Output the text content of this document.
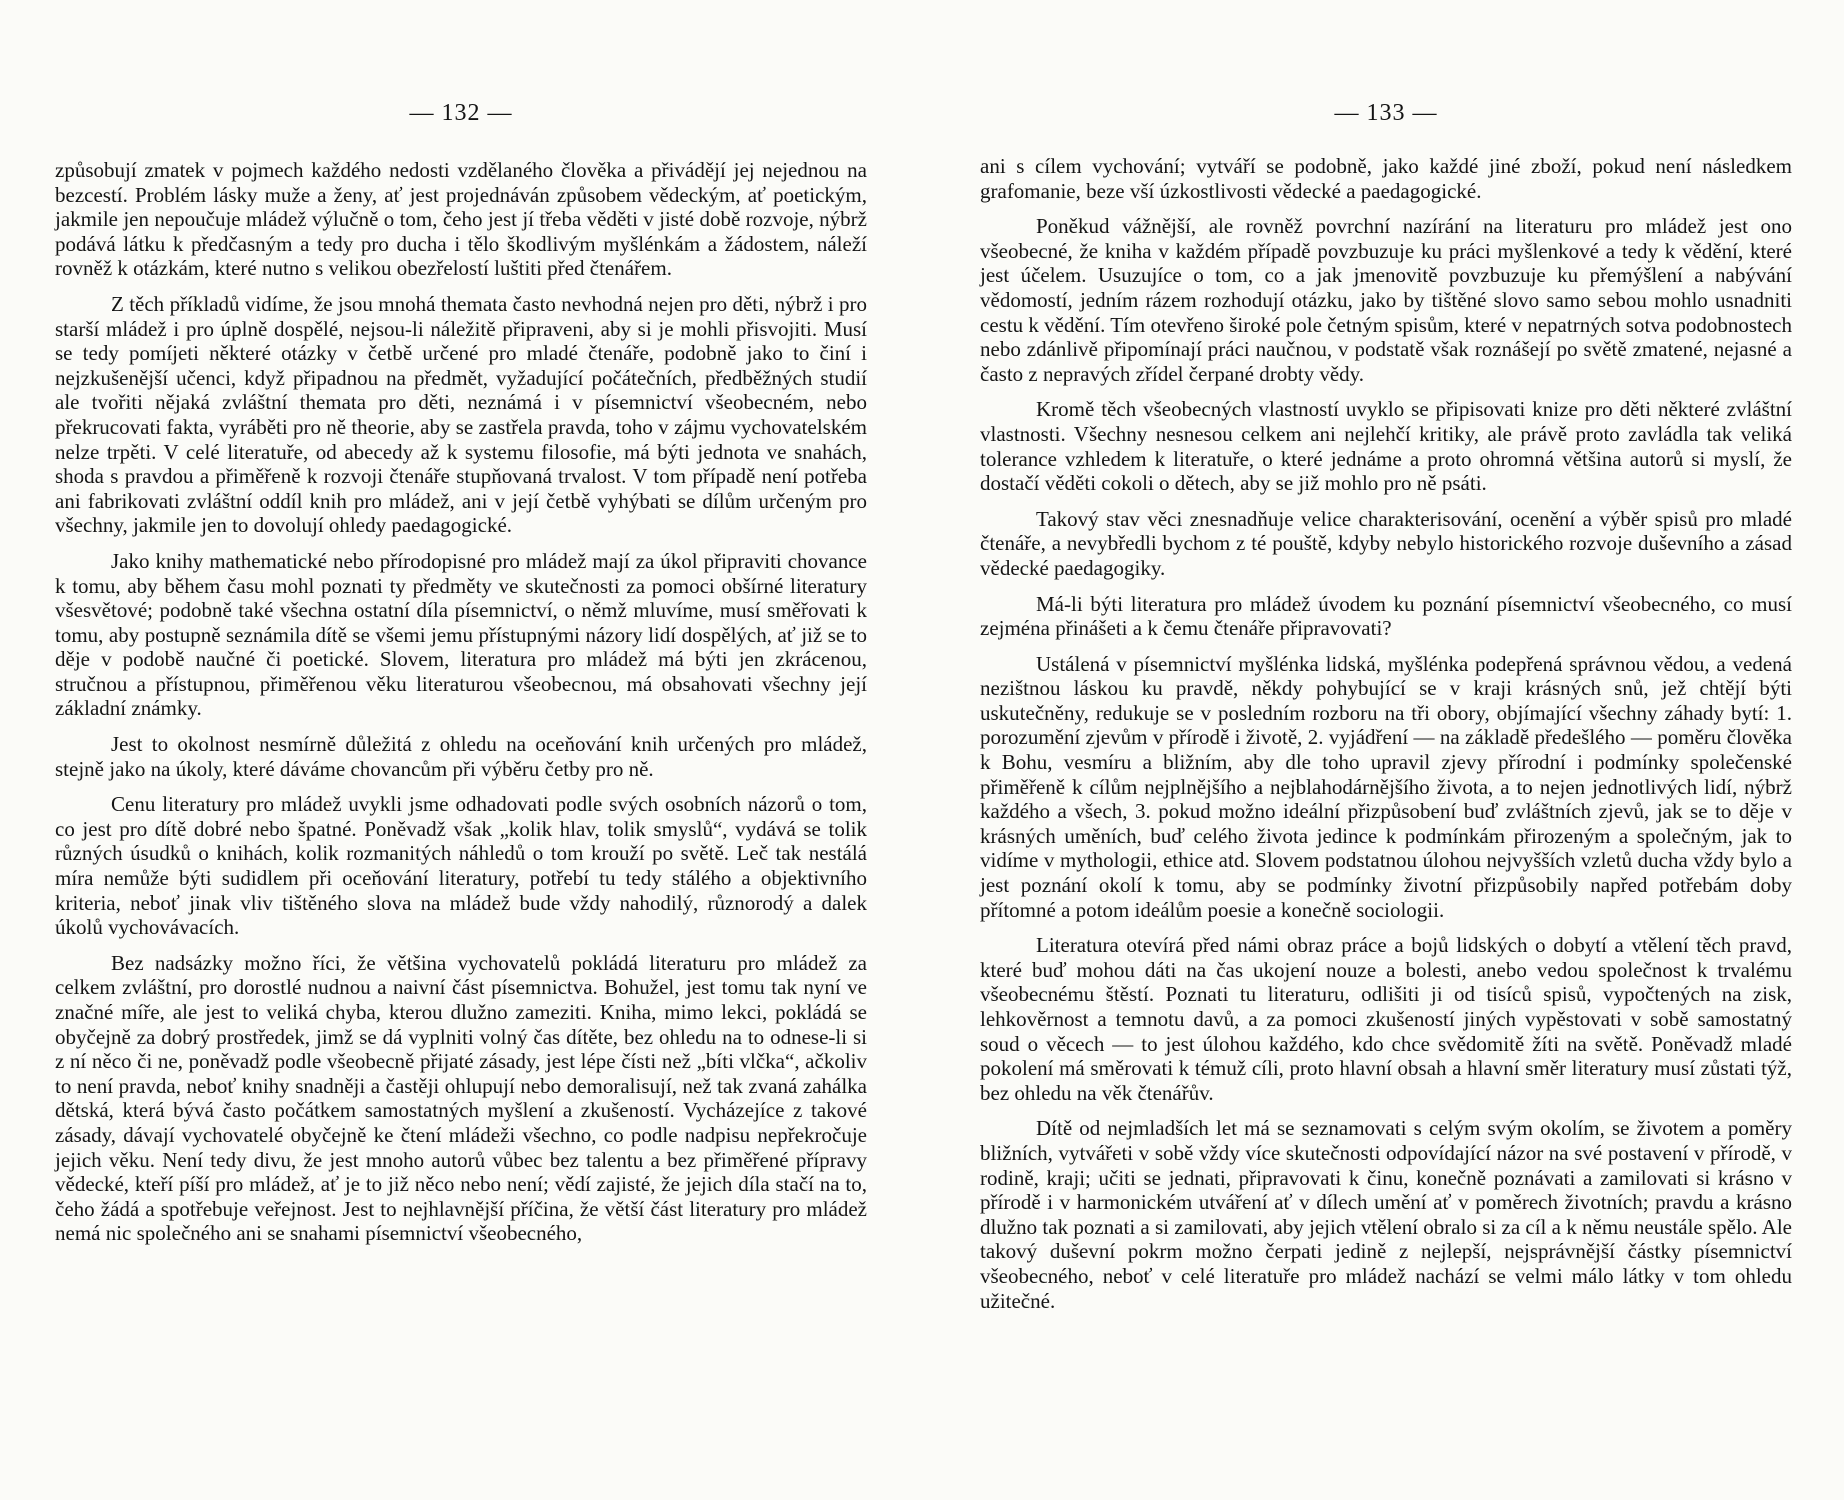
— 132 —

způsobují zmatek v pojmech každého nedosti vzdělaného člověka a přivádějí jej nejednou na bezcestí. Problém lásky muže a ženy, ať jest projednáván způsobem vědeckým, ať poetickým, jakmile jen nepoučuje mládež výlučně o tom, čeho jest jí třeba věděti v jisté době rozvoje, nýbrž podává látku k předčasným a tedy pro ducha i tělo škodlivým myšlénkám a žádostem, náleží rovněž k otázkám, které nutno s velikou obezřelostí luštiti před čtenářem.

Z těch příkladů vidíme, že jsou mnohá themata často nevhodná nejen pro děti, nýbrž i pro starší mládež i pro úplně dospělé, nejsou-li náležitě připraveni, aby si je mohli přisvojiti. Musí se tedy pomíjeti některé otázky v četbě určené pro mladé čtenáře, podobně jako to činí i nejzkušenější učenci, když připadnou na předmět, vyžadující počátečních, předběžných studií ale tvořiti nějaká zvláštní themata pro děti, neznámá i v písemnictví všeobecném, nebo překrucovati fakta, vyráběti pro ně theorie, aby se zastřela pravda, toho v zájmu vychovatelském nelze trpěti. V celé literatuře, od abecedy až k systemu filosofie, má býti jednota ve snahách, shoda s pravdou a přiměřeně k rozvoji čtenáře stupňovaná trvalost. V tom případě není potřeba ani fabrikovati zvláštní oddíl knih pro mládež, ani v její četbě vyhýbati se dílům určeným pro všechny, jakmile jen to dovolují ohledy paedagogické.

Jako knihy mathematické nebo přírodopisné pro mládež mají za úkol připraviti chovance k tomu, aby během času mohl poznati ty předměty ve skutečnosti za pomoci obšírné literatury všesvětové; podobně také všechna ostatní díla písemnictví, o němž mluvíme, musí směřovati k tomu, aby postupně seznámila dítě se všemi jemu přístupnými názory lidí dospělých, ať již se to děje v podobě naučné či poetické. Slovem, literatura pro mládež má býti jen zkrácenou, stručnou a přístupnou, přiměřenou věku literaturou všeobecnou, má obsahovati všechny její základní známky.

Jest to okolnost nesmírně důležitá z ohledu na oceňování knih určených pro mládež, stejně jako na úkoly, které dáváme chovancům při výběru četby pro ně.

Cenu literatury pro mládež uvykli jsme odhadovati podle svých osobních názorů o tom, co jest pro dítě dobré nebo špatné. Poněvadž však „kolik hlav, tolik smyslů“, vydává se tolik různých úsudků o knihách, kolik rozmanitých náhledů o tom krouží po světě. Leč tak nestálá míra nemůže býti sudidlem při oceňování literatury, potřebí tu tedy stálého a objektivního kriteria, neboť jinak vliv tištěného slova na mládež bude vždy nahodilý, různorodý a dalek úkolů vychovávacích.

Bez nadsázky možno říci, že většina vychovatelů pokládá literaturu pro mládež za celkem zvláštní, pro dorostlé nudnou a naivní část písemnictva. Bohužel, jest tomu tak nyní ve značné míře, ale jest to veliká chyba, kterou dlužno zameziti. Kniha, mimo lekci, pokládá se obyčejně za dobrý prostředek, jimž se dá vyplniti volný čas dítěte, bez ohledu na to odnese-li si z ní něco či ne, poněvadž podle všeobecně přijaté zásady, jest lépe čísti než „bíti vlčka“, ačkoliv to není pravda, neboť knihy snadněji a častěji ohlupují nebo demoralisují, než tak zvaná zahálka dětská, která bývá často počátkem samostatných myšlení a zkušeností. Vycházejíce z takové zásady, dávají vychovatelé obyčejně ke čtení mládeži všechno, co podle nadpisu nepřekročuje jejich věku. Není tedy divu, že jest mnoho autorů vůbec bez talentu a bez přiměřené přípravy vědecké, kteří píší pro mládež, ať je to již něco nebo není; vědí zajisté, že jejich díla stačí na to, čeho žádá a spotřebuje veřejnost. Jest to nejhlavnější příčina, že větší část literatury pro mládež nemá nic společného ani se snahami písemnictví všeobecného,

— 133 —

ani s cílem vychování; vytváří se podobně, jako každé jiné zboží, pokud není následkem grafomanie, beze vší úzkostlivosti vědecké a paedagogické.

Poněkud vážnější, ale rovněž povrchní nazírání na literaturu pro mládež jest ono všeobecné, že kniha v každém případě povzbuzuje ku práci myšlenkové a tedy k vědění, které jest účelem. Usuzujíce o tom, co a jak jmenovitě povzbuzuje ku přemýšlení a nabývání vědomostí, jedním rázem rozhodují otázku, jako by tištěné slovo samo sebou mohlo usnadniti cestu k vědění. Tím otevřeno široké pole četným spisům, které v nepatrných sotva podobnostech nebo zdánlivě připomínají práci naučnou, v podstatě však roznášejí po světě zmatené, nejasné a často z nepravých zřídel čerpané drobty vědy.

Kromě těch všeobecných vlastností uvyklo se připisovati knize pro děti některé zvláštní vlastnosti. Všechny nesnesou celkem ani nejlehčí kritiky, ale právě proto zavládla tak veliká tolerance vzhledem k literatuře, o které jednáme a proto ohromná většina autorů si myslí, že dostačí věděti cokoli o dětech, aby se již mohlo pro ně psáti.

Takový stav věci znesnadňuje velice charakterisování, ocenění a výběr spisů pro mladé čtenáře, a nevybředli bychom z té pouště, kdyby nebylo historického rozvoje duševního a zásad vědecké paedagogiky.

Má-li býti literatura pro mládež úvodem ku poznání písemnictví všeobecného, co musí zejména přinášeti a k čemu čtenáře připravovati?

Ustálená v písemnictví myšlénka lidská, myšlénka podepřená správnou vědou, a vedená nezištnou láskou ku pravdě, někdy pohybující se v kraji krásných snů, jež chtějí býti uskutečněny, redukuje se v posledním rozboru na tři obory, objímající všechny záhady bytí: 1. porozumění zjevům v přírodě i životě, 2. vyjádření — na základě předešlého — poměru člověka k Bohu, vesmíru a bližním, aby dle toho upravil zjevy přírodní i podmínky společenské přiměřeně k cílům nejplnějšího a nejblahodárnějšího života, a to nejen jednotlivých lidí, nýbrž každého a všech, 3. pokud možno ideální přizpůsobení buď zvláštních zjevů, jak se to děje v krásných uměních, buď celého života jedince k podmínkám přirozeným a společným, jak to vidíme v mythologii, ethice atd. Slovem podstatnou úlohou nejvyšších vzletů ducha vždy bylo a jest poznání okolí k tomu, aby se podmínky životní přizpůsobily napřed potřebám doby přítomné a potom ideálům poesie a konečně sociologii.

Literatura otevírá před námi obraz práce a bojů lidských o dobytí a vtělení těch pravd, které buď mohou dáti na čas ukojení nouze a bolesti, anebo vedou společnost k trvalému všeobecnému štěstí. Poznati tu literaturu, odlišiti ji od tisíců spisů, vypočtených na zisk, lehkověrnost a temnotu davů, a za pomoci zkušeností jiných vypěstovati v sobě samostatný soud o věcech — to jest úlohou každého, kdo chce svědomitě žíti na světě. Poněvadž mladé pokolení má směrovati k témuž cíli, proto hlavní obsah a hlavní směr literatury musí zůstati týž, bez ohledu na věk čtenářův.

Dítě od nejmladších let má se seznamovati s celým svým okolím, se životem a poměry bližních, vytvářeti v sobě vždy více skutečnosti odpovídající názor na své postavení v přírodě, v rodině, kraji; učiti se jednati, připravovati k činu, konečně poznávati a zamilovati si krásno v přírodě i v harmonickém utváření ať v dílech umění ať v poměrech životních; pravdu a krásno dlužno tak poznati a si zamilovati, aby jejich vtělení obralo si za cíl a k němu neustále spělo. Ale takový duševní pokrm možno čerpati jedině z nejlepší, nejsprávnější částky písemnictví všeobecného, neboť v celé literatuře pro mládež nachází se velmi málo látky v tom ohledu užitečné.
